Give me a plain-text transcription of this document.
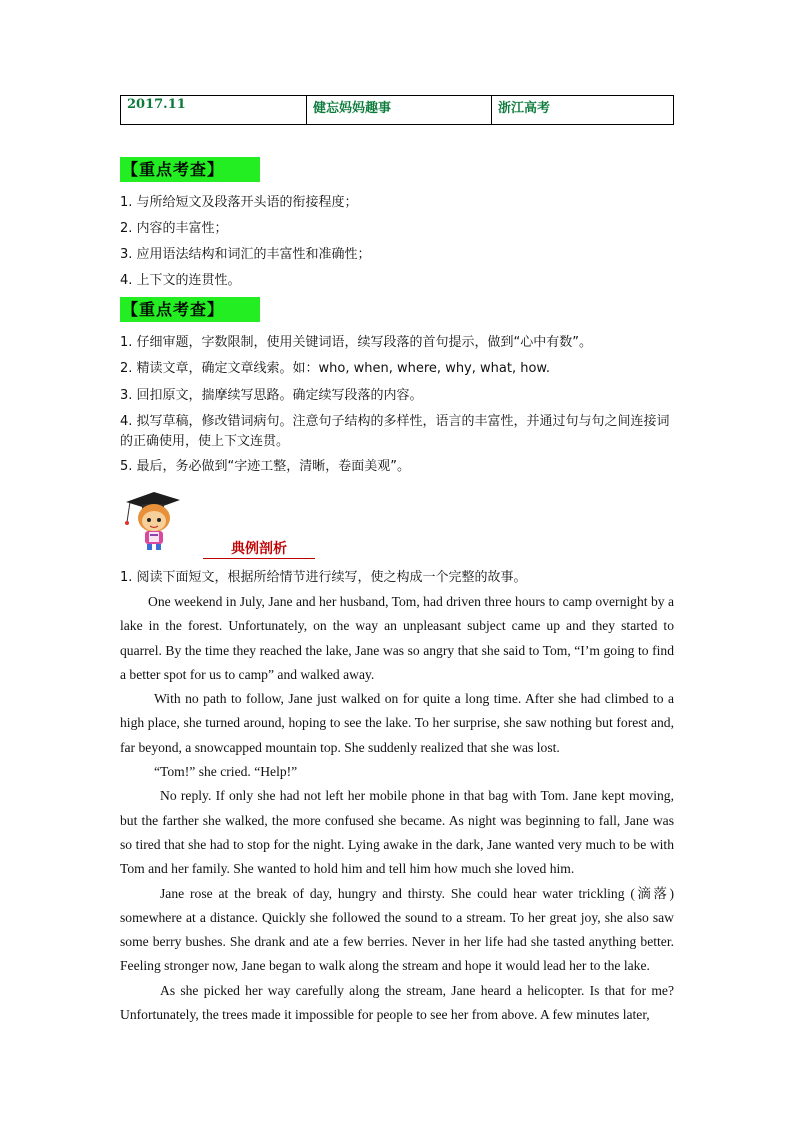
2017.11	健忘妈妈趣事	浙江高考
【重点考查】
1. 与所给短文及段落开头语的衔接程度；
2. 内容的丰富性；
3. 应用语法结构和词汇的丰富性和准确性；
4. 上下文的连贯性。
【重点考查】
1. 仔细审题，字数限制，使用关键词语，续写段落的首句提示，做到“心中有数”。
2. 精读文章，确定文章线索。如：who, when, where, why, what, how.
3. 回扣原文，揣摩续写思路。确定续写段落的内容。
4. 拟写草稿，修改错词病句。注意句子结构的多样性，语言的丰富性，并通过句与句之间连接词的正确使用，使上下文连贯。
5. 最后，务必做到“字迹工整，清晰，卷面美观”。
典例剖析
1. 阅读下面短文，根据所给情节进行续写，使之构成一个完整的故事。

One weekend in July, Jane and her husband, Tom, had driven three hours to camp overnight by a lake in the forest. Unfortunately, on the way an unpleasant subject came up and they started to quarrel. By the time they reached the lake, Jane was so angry that she said to Tom, “I’m going to find a better spot for us to camp” and walked away.

With no path to follow, Jane just walked on for quite a long time. After she had climbed to a high place, she turned around, hoping to see the lake. To her surprise, she saw nothing but forest and, far beyond, a snowcapped mountain top. She suddenly realized that she was lost.

“Tom!” she cried. “Help!”

No reply. If only she had not left her mobile phone in that bag with Tom. Jane kept moving, but the farther she walked, the more confused she became. As night was beginning to fall, Jane was so tired that she had to stop for the night. Lying awake in the dark, Jane wanted very much to be with Tom and her family. She wanted to hold him and tell him how much she loved him.

Jane rose at the break of day, hungry and thirsty. She could hear water trickling (滴落) somewhere at a distance. Quickly she followed the sound to a stream. To her great joy, she also saw some berry bushes. She drank and ate a few berries. Never in her life had she tasted anything better. Feeling stronger now, Jane began to walk along the stream and hope it would lead her to the lake.

As she picked her way carefully along the stream, Jane heard a helicopter. Is that for me? Unfortunately, the trees made it impossible for people to see her from above. A few minutes later,
